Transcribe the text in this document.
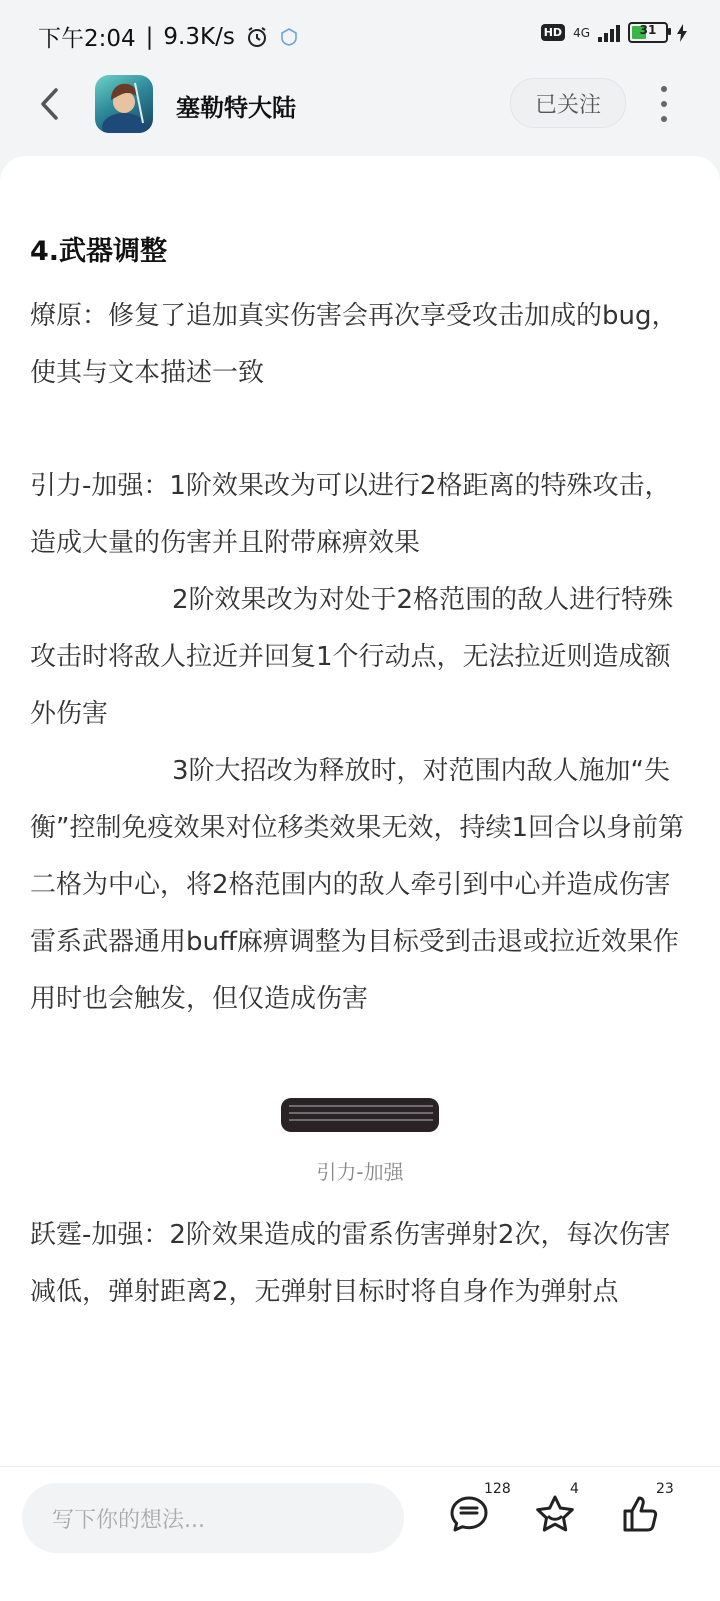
下午2:04 | 9.3K/s	HD 4G	31
塞勒特大陆	已关注
4.武器调整

燎原：修复了追加真实伤害会再次享受攻击加成的bug，使其与文本描述一致

引力-加强：1阶效果改为可以进行2格距离的特殊攻击，造成大量的伤害并且附带麻痹效果

2阶效果改为对处于2格范围的敌人进行特殊攻击时将敌人拉近并回复1个行动点，无法拉近则造成额外伤害

3阶大招改为释放时，对范围内敌人施加“失衡”控制免疫效果对位移类效果无效，持续1回合以身前第二格为中心，将2格范围内的敌人牵引到中心并造成伤害

雷系武器通用buff麻痹调整为目标受到击退或拉近效果作用时也会触发，但仅造成伤害

引力-加强

跃霆-加强：2阶效果造成的雷系伤害弹射2次，每次伤害减低，弹射距离2，无弹射目标时将自身作为弹射点

写下你的想法...
128	4	23
